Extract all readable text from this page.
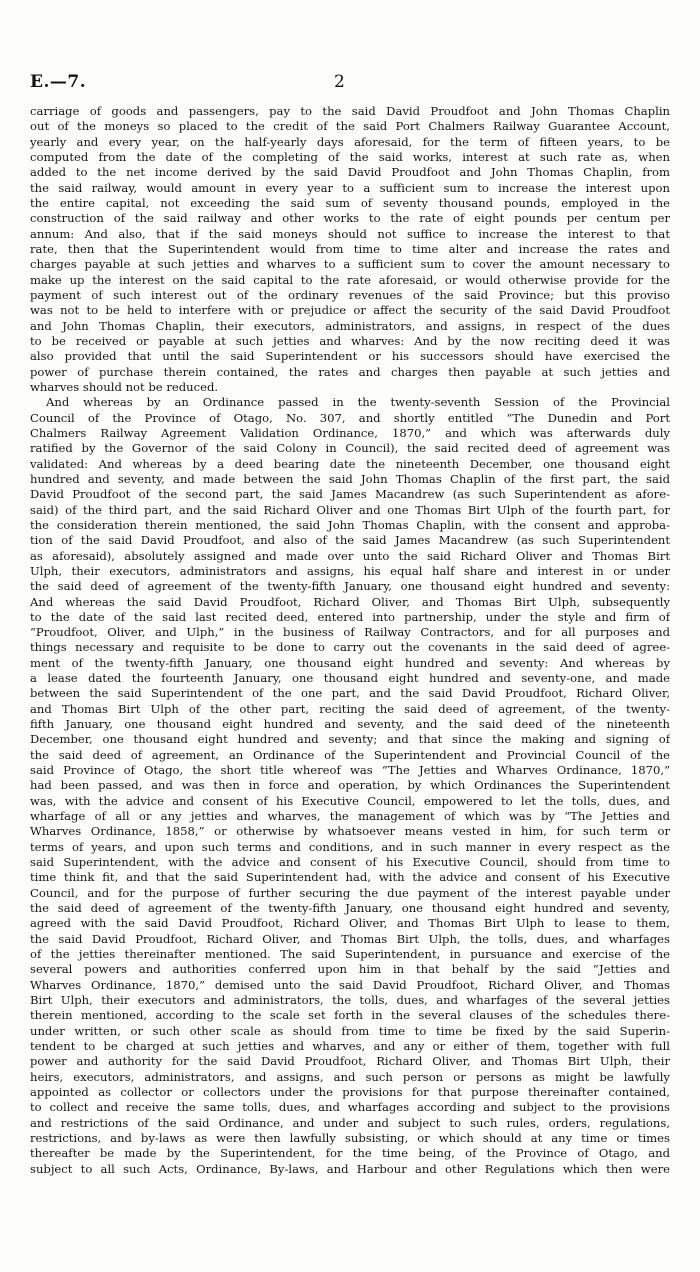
E.—7.	2
carriage of goods and passengers, pay to the said David Proudfoot and John Thomas Chaplin
out of the moneys so placed to the credit of the said Port Chalmers Railway Guarantee Account,
yearly and every year, on the half-yearly days aforesaid, for the term of fifteen years, to be
computed from the date of the completing of the said works, interest at such rate as, when
added to the net income derived by the said David Proudfoot and John Thomas Chaplin, from
the said railway, would amount in every year to a sufficient sum to increase the interest upon
the entire capital, not exceeding the said sum of seventy thousand pounds, employed in the
construction of the said railway and other works to the rate of eight pounds per centum per
annum: And also, that if the said moneys should not suffice to increase the interest to that
rate, then that the Superintendent would from time to time alter and increase the rates and
charges payable at such jetties and wharves to a sufficient sum to cover the amount necessary to
make up the interest on the said capital to the rate aforesaid, or would otherwise provide for the
payment of such interest out of the ordinary revenues of the said Province; but this proviso
was not to be held to interfere with or prejudice or affect the security of the said David Proudfoot
and John Thomas Chaplin, their executors, administrators, and assigns, in respect of the dues
to be received or payable at such jetties and wharves: And by the now reciting deed it was
also provided that until the said Superintendent or his successors should have exercised the
power of purchase therein contained, the rates and charges then payable at such jetties and
wharves should not be reduced.
And whereas by an Ordinance passed in the twenty-seventh Session of the Provincial
Council of the Province of Otago, No. 307, and shortly entitled “The Dunedin and Port
Chalmers Railway Agreement Validation Ordinance, 1870,” and which was afterwards duly
ratified by the Governor of the said Colony in Council), the said recited deed of agreement was
validated: And whereas by a deed bearing date the nineteenth December, one thousand eight
hundred and seventy, and made between the said John Thomas Chaplin of the first part, the said
David Proudfoot of the second part, the said James Macandrew (as such Superintendent as afore-
said) of the third part, and the said Richard Oliver and one Thomas Birt Ulph of the fourth part, for
the consideration therein mentioned, the said John Thomas Chaplin, with the consent and approba-
tion of the said David Proudfoot, and also of the said James Macandrew (as such Superintendent
as aforesaid), absolutely assigned and made over unto the said Richard Oliver and Thomas Birt
Ulph, their executors, administrators and assigns, his equal half share and interest in or under
the said deed of agreement of the twenty-fifth January, one thousand eight hundred and seventy:
And whereas the said David Proudfoot, Richard Oliver, and Thomas Birt Ulph, subsequently
to the date of the said last recited deed, entered into partnership, under the style and firm of
“Proudfoot, Oliver, and Ulph,” in the business of Railway Contractors, and for all purposes and
things necessary and requisite to be done to carry out the covenants in the said deed of agree-
ment of the twenty-fifth January, one thousand eight hundred and seventy: And whereas by
a lease dated the fourteenth January, one thousand eight hundred and seventy-one, and made
between the said Superintendent of the one part, and the said David Proudfoot, Richard Oliver,
and Thomas Birt Ulph of the other part, reciting the said deed of agreement, of the twenty-
fifth January, one thousand eight hundred and seventy, and the said deed of the nineteenth
December, one thousand eight hundred and seventy; and that since the making and signing of
the said deed of agreement, an Ordinance of the Superintendent and Provincial Council of the
said Province of Otago, the short title whereof was “The Jetties and Wharves Ordinance, 1870,”
had been passed, and was then in force and operation, by which Ordinances the Superintendent
was, with the advice and consent of his Executive Council, empowered to let the tolls, dues, and
wharfage of all or any jetties and wharves, the management of which was by “The Jetties and
Wharves Ordinance, 1858,” or otherwise by whatsoever means vested in him, for such term or
terms of years, and upon such terms and conditions, and in such manner in every respect as the
said Superintendent, with the advice and consent of his Executive Council, should from time to
time think fit, and that the said Superintendent had, with the advice and consent of his Executive
Council, and for the purpose of further securing the due payment of the interest payable under
the said deed of agreement of the twenty-fifth January, one thousand eight hundred and seventy,
agreed with the said David Proudfoot, Richard Oliver, and Thomas Birt Ulph to lease to them,
the said David Proudfoot, Richard Oliver, and Thomas Birt Ulph, the tolls, dues, and wharfages
of the jetties thereinafter mentioned. The said Superintendent, in pursuance and exercise of the
several powers and authorities conferred upon him in that behalf by the said “Jetties and
Wharves Ordinance, 1870,” demised unto the said David Proudfoot, Richard Oliver, and Thomas
Birt Ulph, their executors and administrators, the tolls, dues, and wharfages of the several jetties
therein mentioned, according to the scale set forth in the several clauses of the schedules there-
under written, or such other scale as should from time to time be fixed by the said Superin-
tendent to be charged at such jetties and wharves, and any or either of them, together with full
power and authority for the said David Proudfoot, Richard Oliver, and Thomas Birt Ulph, their
heirs, executors, administrators, and assigns, and such person or persons as might be lawfully
appointed as collector or collectors under the provisions for that purpose thereinafter contained,
to collect and receive the same tolls, dues, and wharfages according and subject to the provisions
and restrictions of the said Ordinance, and under and subject to such rules, orders, regulations,
restrictions, and by-laws as were then lawfully subsisting, or which should at any time or times
thereafter be made by the Superintendent, for the time being, of the Province of Otago, and
subject to all such Acts, Ordinance, By-laws, and Harbour and other Regulations which then were
